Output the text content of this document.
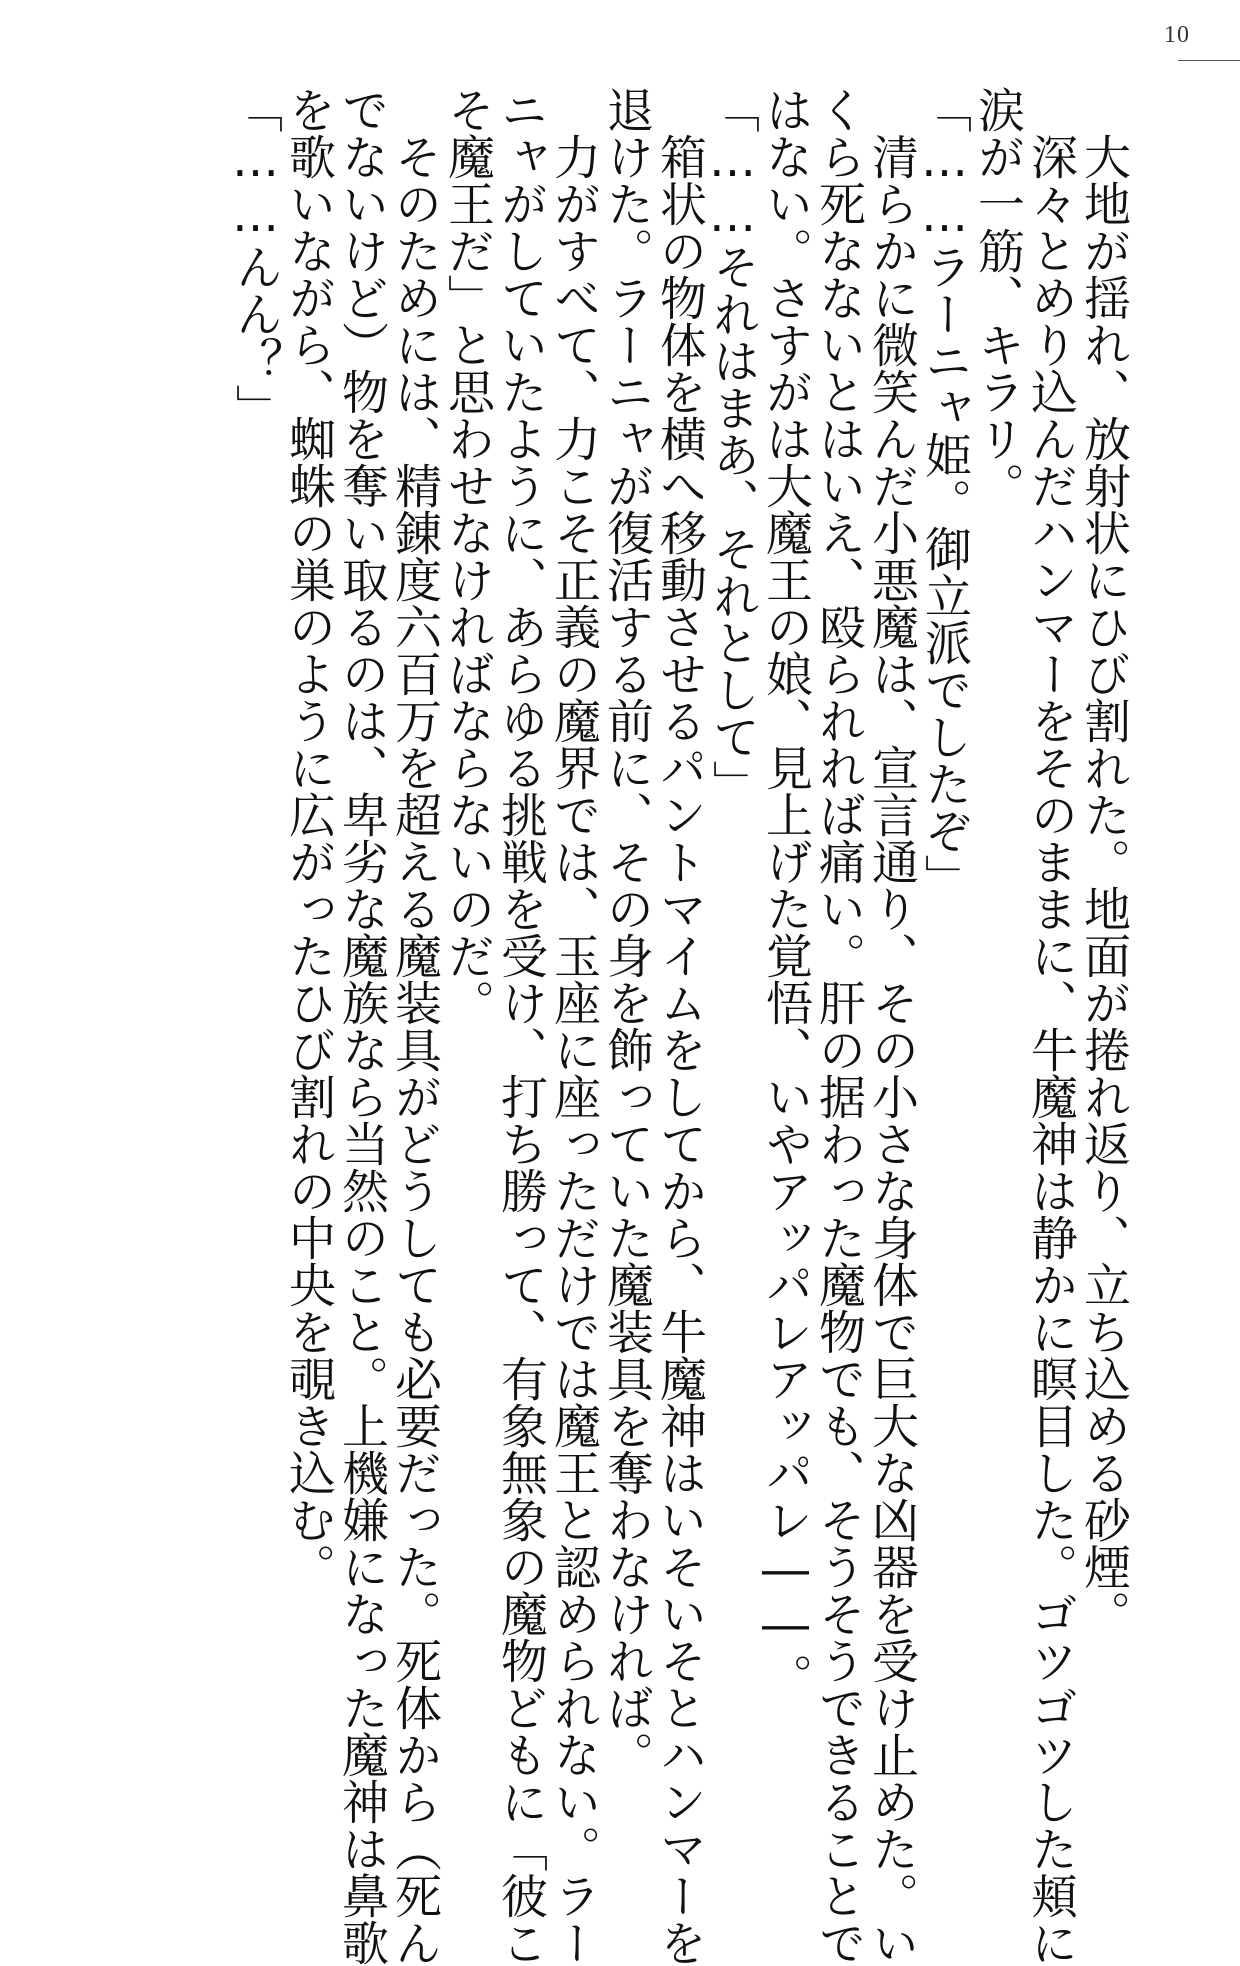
10
大地が揺れ、放射状にひび割れた。地面が捲れ返り、立ち込める砂煙。
深々とめり込んだハンマーをそのままに、牛魔神は静かに瞑目した。ゴツゴツした頬に
涙が一筋、キラリ。
「……ラーニャ姫。御立派でしたぞ」
清らかに微笑んだ小悪魔は、宣言通り、その小さな身体で巨大な凶器を受け止めた。い
くら死なないとはいえ、殴られれば痛い。肝の据わった魔物でも、そうそうできることで
はない。さすがは大魔王の娘、見上げた覚悟、いやアッパレアッパレ――。
「……それはまあ、それとして」
箱状の物体を横へ移動させるパントマイムをしてから、牛魔神はいそいそとハンマーを
退けた。ラーニャが復活する前に、その身を飾っていた魔装具を奪わなければ。
力がすべて、力こそ正義の魔界では、玉座に座っただけでは魔王と認められない。ラー
ニャがしていたように、あらゆる挑戦を受け、打ち勝って、有象無象の魔物どもに「彼こ
そ魔王だ」と思わせなければならないのだ。
そのためには、精錬度六百万を超える魔装具がどうしても必要だった。死体から（死ん
でないけど）物を奪い取るのは、卑劣な魔族なら当然のこと。上機嫌になった魔神は鼻歌
を歌いながら、蜘蛛の巣のように広がったひび割れの中央を覗き込む。
「……んん？」
